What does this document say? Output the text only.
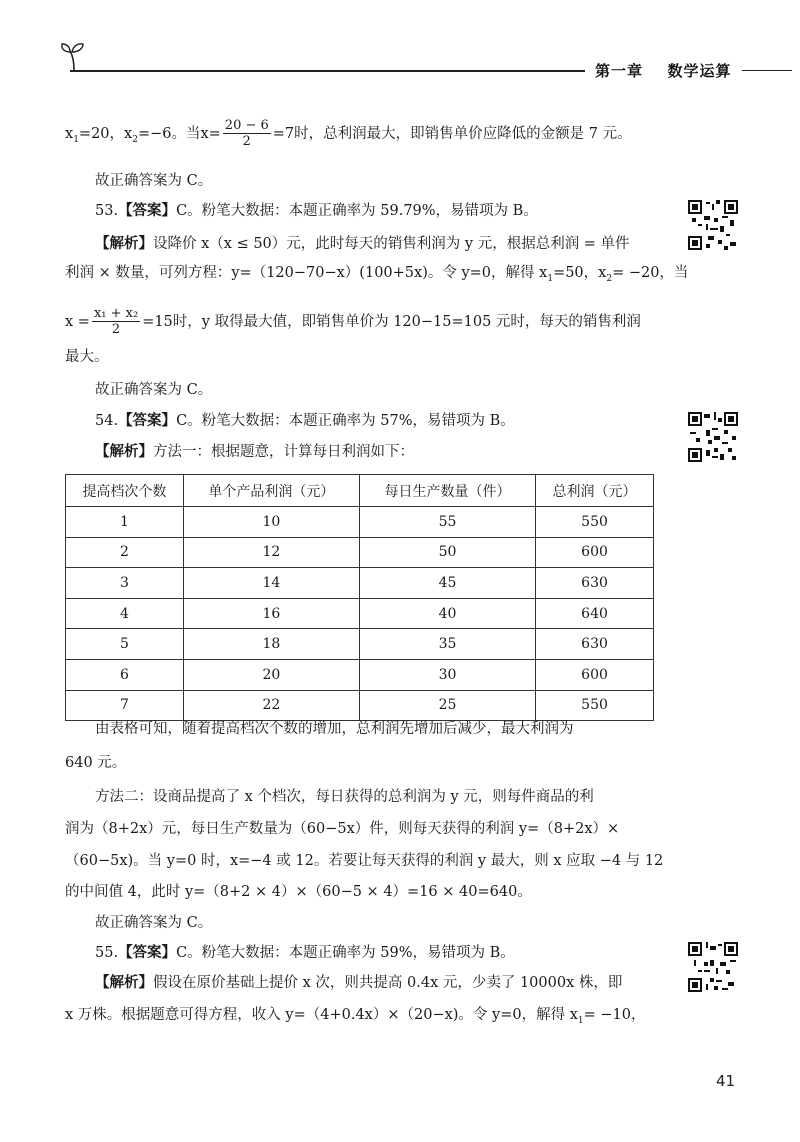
第一章 数学运算
$x_1=20$，$x_2=-6$。当$x= \frac{20 - 6}{2} =7$时，总利润最大，即销售单价应降低的金额是 7 元。
故正确答案为 C。
53.【答案】C。粉笔大数据：本题正确率为 59.79%，易错项为 B。
【解析】设降价 x（x ≤ 50）元，此时每天的销售利润为 y 元，根据总利润 = 单件
利润 × 数量，可列方程：y=（120−70−x）(100+5x)。令 y=0，解得 $x_1=50$，$x_2= -20$，当
$x = \frac{\text{x₁ + x₂}}{2} =15$时，y 取得最大值，即销售单价为 120−15=105 元时，每天的销售利润
最大。
故正确答案为 C。
54.【答案】C。粉笔大数据：本题正确率为 57%，易错项为 B。
【解析】方法一：根据题意，计算每日利润如下：
提高档次个数	单个产品利润（元）	每日生产数量（件）	总利润（元）
1	10	55	550
2	12	50	600
3	14	45	630
4	16	40	640
5	18	35	630
6	20	30	600
7	22	25	550
由表格可知，随着提高档次个数的增加，总利润先增加后减少，最大利润为
640 元。
方法二：设商品提高了 x 个档次，每日获得的总利润为 y 元，则每件商品的利
润为（8+2x）元，每日生产数量为（60−5x）件，则每天获得的利润 y=（8+2x）×
（60−5x)。当 y=0 时，x=−4 或 12。若要让每天获得的利润 y 最大，则 x 应取 −4 与 12
的中间值 4，此时 y=（8+2 × 4）×（60−5 × 4）=16 × 40=640。
故正确答案为 C。
55.【答案】C。粉笔大数据：本题正确率为 59%，易错项为 B。
【解析】假设在原价基础上提价 x 次，则共提高 0.4x 元，少卖了 10000x 株，即
x 万株。根据题意可得方程，收入 y=（4+0.4x）×（20−x)。令 y=0，解得 $x_1= -10$，
41
